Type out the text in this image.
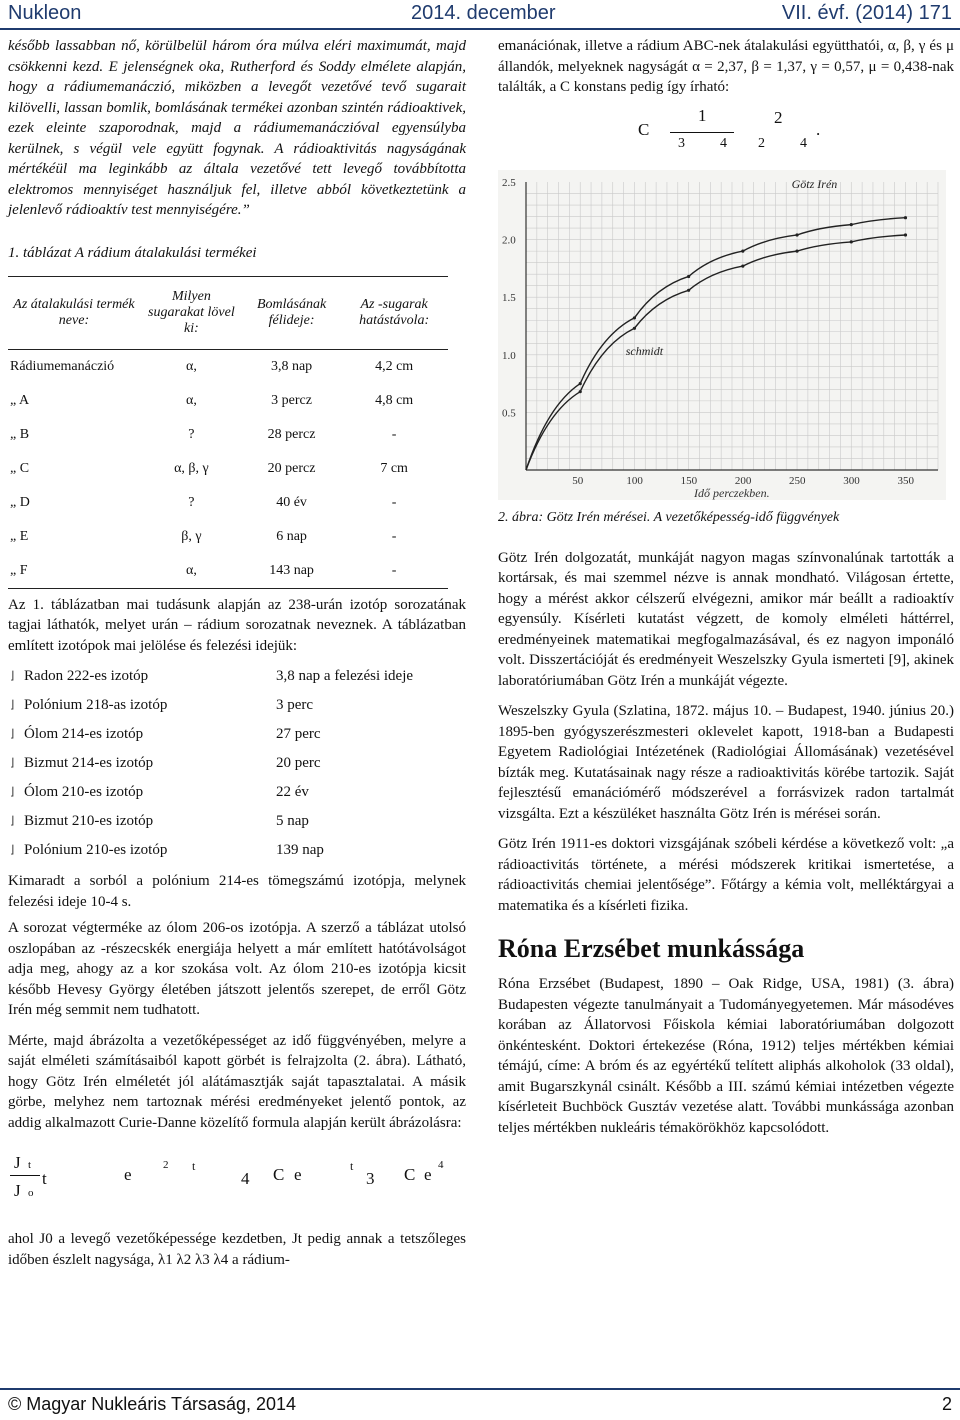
Nukleon	2014. december	VII. évf. (2014) 171

később lassabban nő, körülbelül három óra múlva eléri maximumát, majd csökkenni kezd. E jelenségnek oka, Rutherford és Soddy elmélete alapján, hogy a rádiumemanáczió, miközben a levegőt vezetővé tevő sugarait kilövelli, lassan bomlik, bomlásának termékei azonban szintén rádioaktivek, ezek eleinte szaporodnak, majd a rádiumemanáczióval egyensúlyba kerülnek, s végül vele együtt fogynak. A rádioaktivitás nagyságának mértékéül ma leginkább az általa vezetővé tett levegő továbbította elektromos mennyiséget használjuk fel, illetve abból következtetünk a jelenlevő rádioaktív test mennyiségére.”

1. táblázat A rádium átalakulási termékei
Az átalakulási termék neve:	Milyen sugarakat lövel ki:	Bomlásának félideje:	Az -sugarak hatástávola:
Rádiumemanáczió	α,	3,8 nap	4,2 cm
„ A	α,	3 percz	4,8 cm
„ B	?	28 percz	-
„ C	α, β, γ	20 percz	7 cm
„ D	?	40 év	-
„ E	β, γ	6 nap	-
„ F	α,	143 nap	-

Az 1. táblázatban mai tudásunk alapján az 238-urán izotóp sorozatának tagjai láthatók, melyet urán – rádium sorozatnak neveznek. A táblázatban említett izotópok mai jelölése és felezési idejük:

⌋ Radon 222-es izotóp	3,8 nap a felezési ideje
⌋ Polónium 218-as izotóp	3 perc
⌋ Ólom 214-es izotóp	27 perc
⌋ Bizmut 214-es izotóp	20 perc
⌋ Ólom 210-es izotóp	22 év
⌋ Bizmut 210-es izotóp	5 nap
⌋ Polónium 210-es izotóp	139 nap

Kimaradt a sorból a polónium 214-es tömegszámú izotópja, melynek felezési ideje 10-4 s.

A sorozat végterméke az ólom 206-os izotópja. A szerző a táblázat utolsó oszlopában az -részecskék energiája helyett a már említett hatótávolságot adja meg, ahogy az a kor szokása volt. Az ólom 210-es izotópja kicsit később Hevesy György életében játszott jelentős szerepet, de erről Götz Irén még semmit nem tudhatott.

Mérte, majd ábrázolta a vezetőképességet az idő függvényében, melyre a saját elméleti számításaiból kapott görbét is felrajzolta (2. ábra). Látható, hogy Götz Irén elméletét jól alátámasztják saját tapasztalatai. A másik görbe, melyhez nem tartoznak mérési eredményeket jelentő pontok, az addig alkalmazott Curie-Danne közelítő formula alapján került ábrázolásra:

J t
J o
t	e	2 t
4 C e	t
3 C e 4

ahol J0 a levegő vezetőképessége kezdetben, Jt pedig annak a tetszőleges időben észlelt nagysága, λ1 λ2 λ3 λ4 a rádium-

emanációnak, illetve a rádium ABC-nek átalakulási együtthatói, α, β, γ és μ állandók, melyeknek nagyságát α = 2,37, β = 1,37, γ = 0,57, μ = 0,438-nak találták, a C konstans pedig így írható:

C
1	2
3	4 2	4
.
2.5
2.0
1.5
1.0
0.5
50	100	150	200	250	300	350
Idő perczekben.
schmidt
Götz Irén
2. ábra: Götz Irén mérései. A vezetőképesség-idő függvények

Götz Irén dolgozatát, munkáját nagyon magas színvonalúnak tartották a kortársak, és mai szemmel nézve is annak mondható. Világosan értette, hogy a mérést akkor célszerű elvégezni, amikor már beállt a radioaktív egyensúly. Kísérleti kutatást végzett, de komoly elméleti háttérrel, eredményeinek matematikai megfogalmazásával, és ez nagyon imponáló volt. Disszertációját és eredményeit Weszelszky Gyula ismerteti [9], akinek laboratóriumában Götz Irén a munkáját végezte.

Weszelszky Gyula (Szlatina, 1872. május 10. – Budapest, 1940. június 20.) 1895-ben gyógyszerészmesteri oklevelet kapott, 1918-ban a Budapesti Egyetem Radiológiai Intézetének (Radiológiai Állomásának) vezetésével bízták meg. Kutatásainak nagy része a radioaktivitás körébe tartozik. Saját fejlesztésű emanációmérő módszerével a forrásvizek radon tartalmát vizsgálta. Ezt a készüléket használta Götz Irén is mérései során.

Götz Irén 1911-es doktori vizsgájának szóbeli kérdése a következő volt: „a rádioactivitás története, a mérési módszerek kritikai ismertetése, a rádioactivitás chemiai jelentősége”. Főtárgy a kémia volt, melléktárgyai a matematika és a kísérleti fizika.

Róna Erzsébet munkássága

Róna Erzsébet (Budapest, 1890 – Oak Ridge, USA, 1981) (3. ábra) Budapesten végezte tanulmányait a Tudományegyetemen. Már másodéves korában az Állatorvosi Főiskola kémiai laboratóriumában dolgozott önkéntesként. Doktori értekezése (Róna, 1912) teljes mértékben kémiai témájú, címe: A bróm és az egyértékű telített aliphás alkoholok (33 oldal), amit Bugarszkynál csinált. Később a III. számú kémiai intézetben végezte kísérleteit Buchböck Gusztáv vezetése alatt. További munkássága azonban teljes mértékben nukleáris témakörökhöz kapcsolódott.

© Magyar Nukleáris Társaság, 2014	2
